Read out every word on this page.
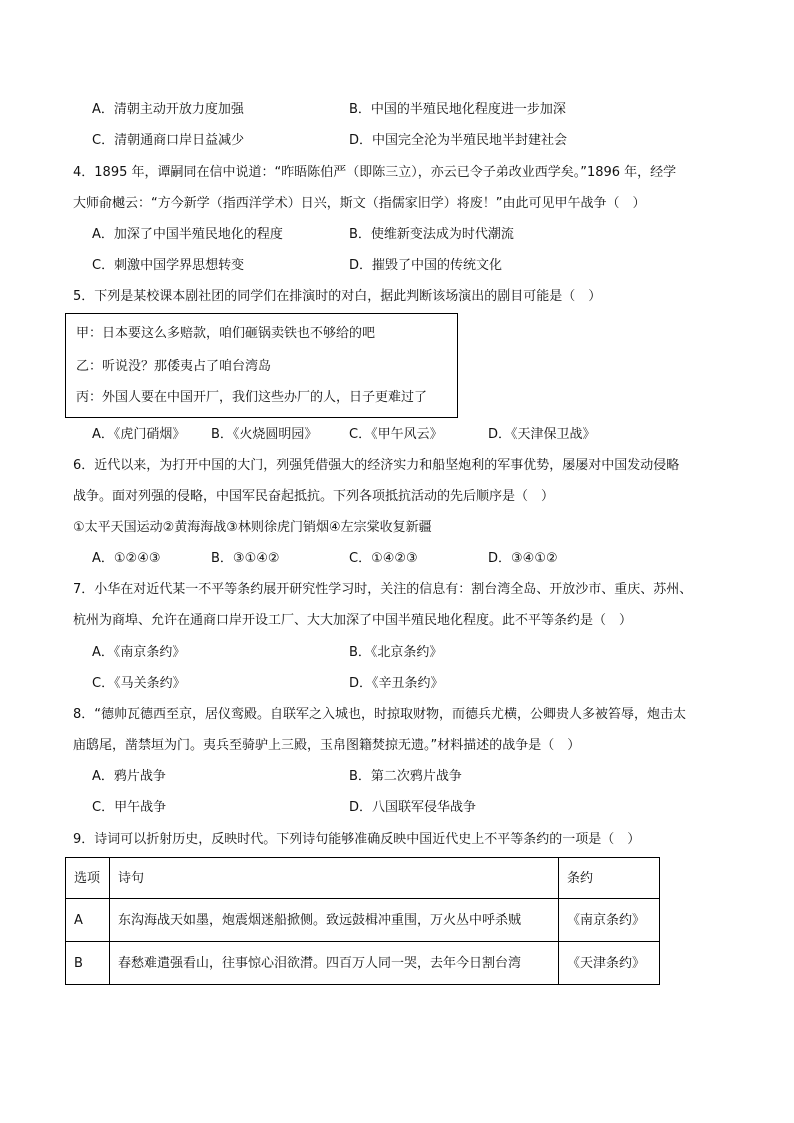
A．清朝主动开放力度加强	B．中国的半殖民地化程度进一步加深
C．清朝通商口岸日益减少	D．中国完全沦为半殖民地半封建社会
4．1895 年，谭嗣同在信中说道：“昨晤陈伯严（即陈三立），亦云已令子弟改业西学矣。”1896 年，经学
大师俞樾云：“方今新学（指西洋学术）日兴，斯文（指儒家旧学）将废！”由此可见甲午战争（　）
A．加深了中国半殖民地化的程度	B．使维新变法成为时代潮流
C．刺激中国学界思想转变	D．摧毁了中国的传统文化
5．下列是某校课本剧社团的同学们在排演时的对白，据此判断该场演出的剧目可能是（　）
甲：日本要这么多赔款，咱们砸锅卖铁也不够给的吧
乙：听说没？那倭夷占了咱台湾岛
丙：外国人要在中国开厂，我们这些办厂的人，日子更难过了
A．《虎门硝烟》 B．《火烧圆明园》 C．《甲午风云》	D．《天津保卫战》
6．近代以来，为打开中国的大门，列强凭借强大的经济实力和船坚炮利的军事优势，屡屡对中国发动侵略
战争。面对列强的侵略，中国军民奋起抵抗。下列各项抵抗活动的先后顺序是（　）
①太平天国运动②黄海海战③林则徐虎门销烟④左宗棠收复新疆
A．①②④③	B．③①④②	C．①④②③	D．③④①②
7．小华在对近代某一不平等条约展开研究性学习时，关注的信息有：割台湾全岛、开放沙市、重庆、苏州、
杭州为商埠、允许在通商口岸开设工厂、大大加深了中国半殖民地化程度。此不平等条约是（　）
A．《南京条约》	B．《北京条约》
C．《马关条约》	D．《辛丑条约》
8．“德帅瓦德西至京，居仪鸾殿。自联军之入城也，时掠取财物，而德兵尤横，公卿贵人多被笞辱，炮击太
庙鸱尾，凿禁垣为门。夷兵至骑驴上三殿，玉帛图籍焚掠无遗。”材料描述的战争是（　）
A．鸦片战争	B．第二次鸦片战争
C．甲午战争	D．八国联军侵华战争
9．诗词可以折射历史，反映时代。下列诗句能够准确反映中国近代史上不平等条约的一项是（　）
选项	诗句	条约
A	东沟海战天如墨，炮震烟迷船掀侧。致远鼓楫冲重围，万火丛中呼杀贼	《南京条约》
B	春愁难遣强看山，往事惊心泪欲潸。四百万人同一哭，去年今日割台湾	《天津条约》
